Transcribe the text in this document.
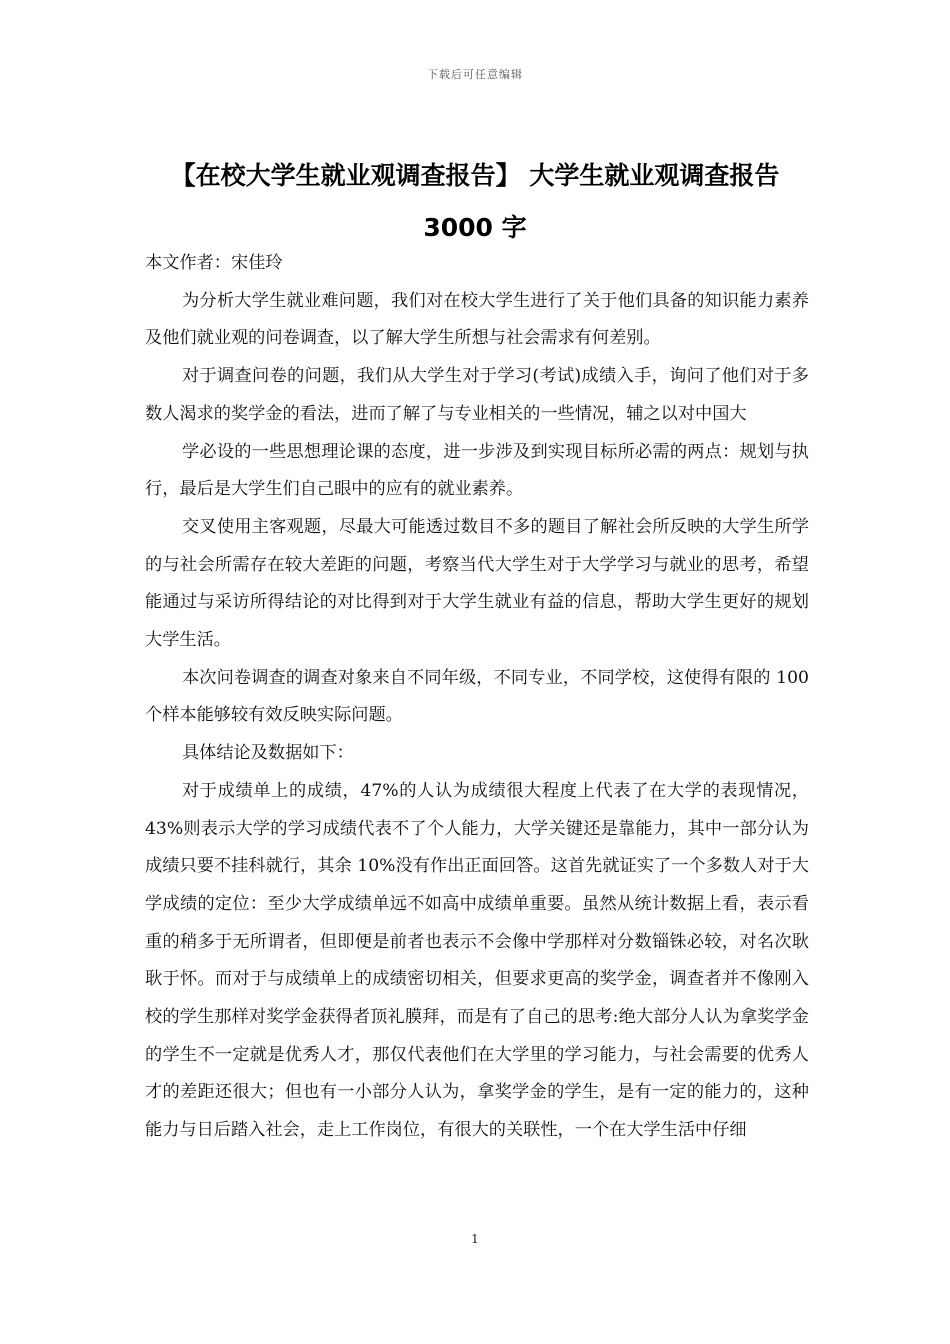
下载后可任意编辑
【在校大学生就业观调查报告】 大学生就业观调查报告
3000 字

本文作者：宋佳玲

为分析大学生就业难问题，我们对在校大学生进行了关于他们具备的知识能力素养及他们就业观的问卷调查，以了解大学生所想与社会需求有何差别。

对于调查问卷的问题，我们从大学生对于学习(考试)成绩入手，询问了他们对于多数人渴求的奖学金的看法，进而了解了与专业相关的一些情况，辅之以对中国大

学必设的一些思想理论课的态度，进一步涉及到实现目标所必需的两点：规划与执行，最后是大学生们自己眼中的应有的就业素养。

交叉使用主客观题，尽最大可能透过数目不多的题目了解社会所反映的大学生所学的与社会所需存在较大差距的问题，考察当代大学生对于大学学习与就业的思考，希望能通过与采访所得结论的对比得到对于大学生就业有益的信息，帮助大学生更好的规划大学生活。

本次问卷调查的调查对象来自不同年级，不同专业，不同学校，这使得有限的 100 个样本能够较有效反映实际问题。

具体结论及数据如下：

对于成绩单上的成绩，47%的人认为成绩很大程度上代表了在大学的表现情况，43%则表示大学的学习成绩代表不了个人能力，大学关键还是靠能力，其中一部分认为成绩只要不挂科就行，其余 10%没有作出正面回答。这首先就证实了一个多数人对于大学成绩的定位：至少大学成绩单远不如高中成绩单重要。虽然从统计数据上看，表示看重的稍多于无所谓者，但即便是前者也表示不会像中学那样对分数锱铢必较，对名次耿耿于怀。而对于与成绩单上的成绩密切相关，但要求更高的奖学金，调查者并不像刚入校的学生那样对奖学金获得者顶礼膜拜，而是有了自己的思考:绝大部分人认为拿奖学金的学生不一定就是优秀人才，那仅代表他们在大学里的学习能力，与社会需要的优秀人才的差距还很大；但也有一小部分人认为，拿奖学金的学生，是有一定的能力的，这种能力与日后踏入社会，走上工作岗位，有很大的关联性，一个在大学生活中仔细

1
